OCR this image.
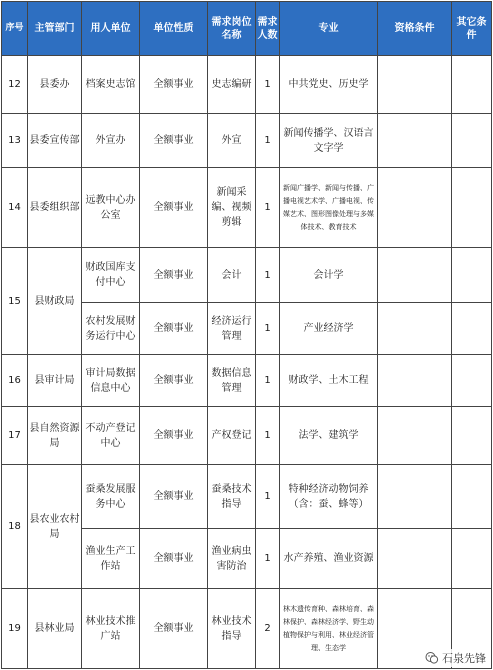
序号	主管部门	用人单位	单位性质	需求岗位名称	需求人数	专业	资格条件	其它条件
12	县委办	档案史志馆	全额事业	史志编研	1	中共党史、历史学		
13	县委宣传部	外宣办	全额事业	外宣	1	新闻传播学、汉语言文字学		
14	县委组织部	远教中心办公室	全额事业	新闻采编、视频剪辑	1	新闻广播学、新闻与传播、广播电视艺术学、广播电视、传媒艺术、图形图像处理与多媒体技术、教育技术		
15	县财政局	财政国库支付中心	全额事业	会计	1	会计学		
		农村发展财务运行中心	全额事业	经济运行管理	1	产业经济学		
16	县审计局	审计局数据信息中心	全额事业	数据信息管理	1	财政学、土木工程		
17	县自然资源局	不动产登记中心	全额事业	产权登记	1	法学、建筑学		
18	县农业农村局	蚕桑发展服务中心	全额事业	蚕桑技术指导	1	特种经济动物饲养（含：蚕、蜂等）		
		渔业生产工作站	全额事业	渔业病虫害防治	1	水产养殖、渔业资源		
19	县林业局	林业技术推广站	全额事业	林业技术指导	2	林木遗传育种、森林培育、森林保护、森林经济学、野生动植物保护与利用、林业经济管理、生态学		
石泉先锋
